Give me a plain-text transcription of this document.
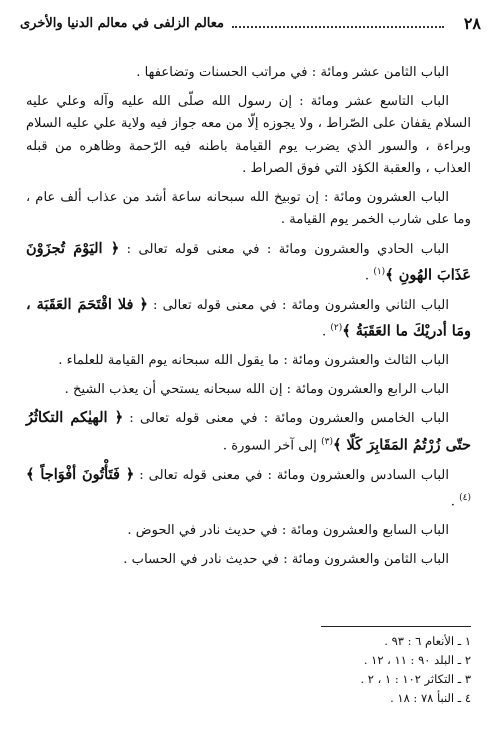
٢٨
معالم الزلفى في معالم الدنيا والأخرى

الباب الثامن عشر ومائة : في مراتب الحسنات وتضاعفها .

الباب التاسع عشر ومائة : إن رسول الله صلّى الله عليه وآله وعلي عليه السلام يقفان على الصّراط ، ولا يجوزه إلّا من معه جواز فيه ولاية علي عليه السلام وبراءة ، والسور الذي يضرب يوم القيامة باطنه فيه الرّحمة وظاهره من قبله العذاب ، والعقبة الكؤد التي فوق الصراط .

الباب العشرون ومائة : إن توبيخ الله سبحانه ساعة أشد من عذاب ألف عام ، وما على شارب الخمر يوم القيامة .

الباب الحادي والعشرون ومائة : في معنى قوله تعالى : ﴿ اليَوْمَ تُجزَوْنَ عَذَابَ الهُونِ ﴾$^{(١)}$ .

الباب الثاني والعشرون ومائة : في معنى قوله تعالى : ﴿ فلا اقْتَحَمَ العَقَبَة ، ومَا أدريْكَ ما العَقَبَةُ ﴾$^{(٢)}$ .

الباب الثالث والعشرون ومائة : ما يقول الله سبحانه يوم القيامة للعلماء .

الباب الرابع والعشرون ومائة : إن الله سبحانه يستحي أن يعذب الشيخ .

الباب الخامس والعشرون ومائة : في معنى قوله تعالى : ﴿ الهيٰكم التكاثُرُ حتّى زُرْتُمُ المَقَابِرَ كَلّا ﴾$^{(٣)}$ إلى آخر السورة .

الباب السادس والعشرون ومائة : في معنى قوله تعالى : ﴿ فَتَأْتُونَ أفْوَاجاً ﴾$^{(٤)}$ .

الباب السابع والعشرون ومائة : في حديث نادر في الحوض .

الباب الثامن والعشرون ومائة : في حديث نادر في الحساب .

١ ـ الأنعام ٦ : ٩٣ .

٢ ـ البلد ٩٠ : ١١ ، ١٢ .

٣ ـ التكاثر ١٠٢ : ١ ، ٢ .

٤ ـ النبأ ٧٨ : ١٨ .
